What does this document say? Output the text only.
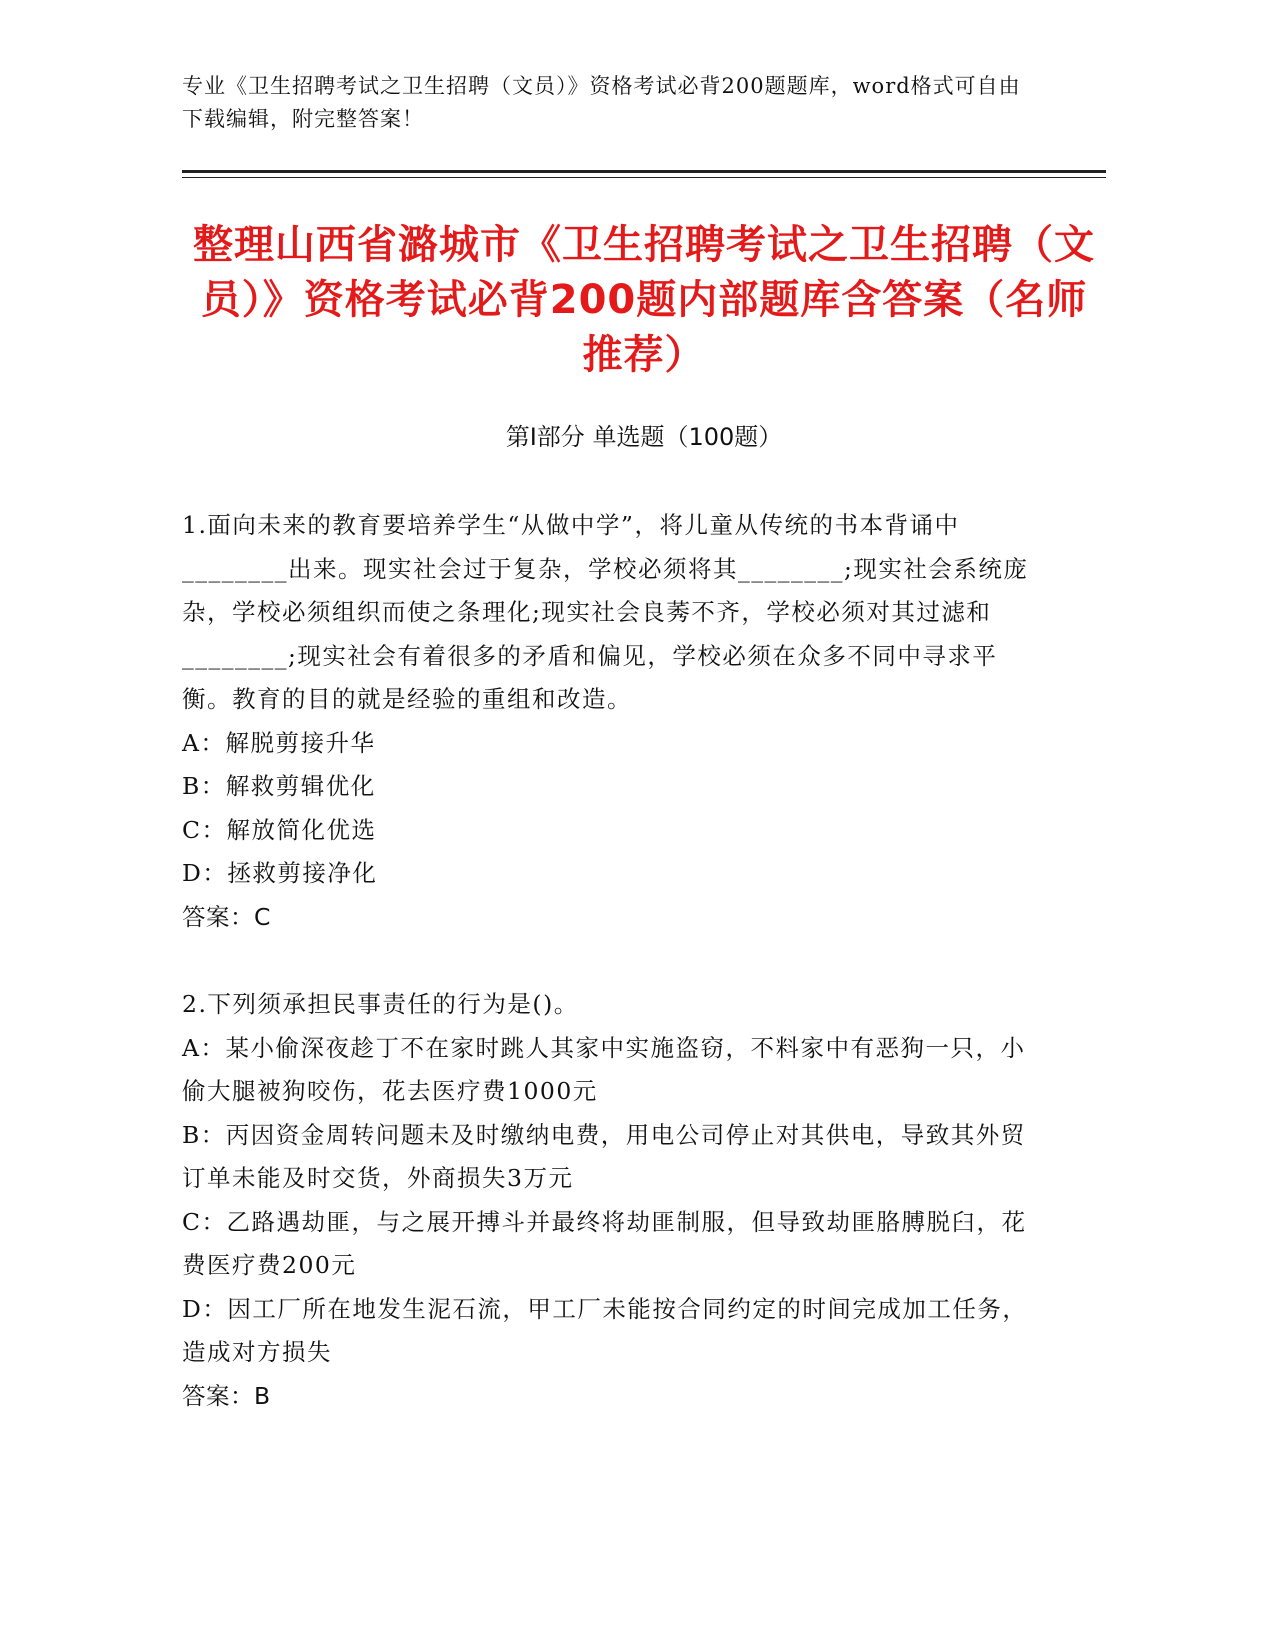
专业《卫生招聘考试之卫生招聘（文员）》资格考试必背200题题库，word格式可自由下载编辑，附完整答案！
整理山西省潞城市《卫生招聘考试之卫生招聘（文员）》资格考试必背200题内部题库含答案（名师推荐）
第Ⅰ部分 单选题（100题）

1.面向未来的教育要培养学生“从做中学”，将儿童从传统的书本背诵中________出来。现实社会过于复杂，学校必须将其________;现实社会系统庞杂，学校必须组织而使之条理化;现实社会良莠不齐，学校必须对其过滤和________;现实社会有着很多的矛盾和偏见，学校必须在众多不同中寻求平衡。教育的目的就是经验的重组和改造。

A：解脱剪接升华

B：解救剪辑优化

C：解放简化优选

D：拯救剪接净化

答案：C

2.下列须承担民事责任的行为是()。

A：某小偷深夜趁丁不在家时跳人其家中实施盗窃，不料家中有恶狗一只，小偷大腿被狗咬伤，花去医疗费1000元

B：丙因资金周转问题未及时缴纳电费，用电公司停止对其供电，导致其外贸订单未能及时交货，外商损失3万元

C：乙路遇劫匪，与之展开搏斗并最终将劫匪制服，但导致劫匪胳膊脱臼，花费医疗费200元

D：因工厂所在地发生泥石流，甲工厂未能按合同约定的时间完成加工任务，造成对方损失

答案：B
